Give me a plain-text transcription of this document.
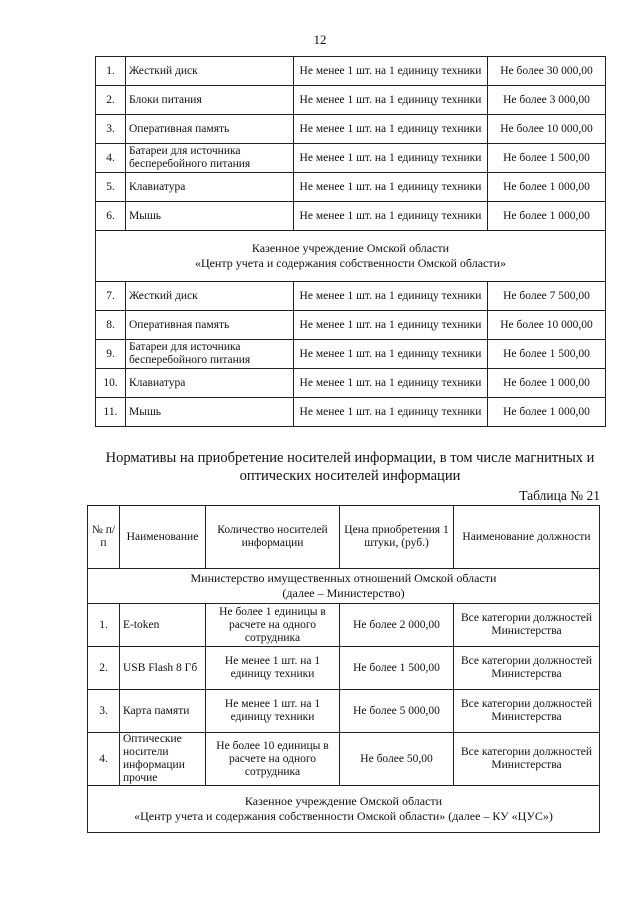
12
1.	Жесткий диск	Не менее 1 шт. на 1 единицу техники	Не более 30 000,00
2.	Блоки питания	Не менее 1 шт. на 1 единицу техники	Не более 3 000,00
3.	Оперативная память	Не менее 1 шт. на 1 единицу техники	Не более 10 000,00
4.	Батареи для источника бесперебойного питания	Не менее 1 шт. на 1 единицу техники	Не более 1 500,00
5.	Клавиатура	Не менее 1 шт. на 1 единицу техники	Не более 1 000,00
6.	Мышь	Не менее 1 шт. на 1 единицу техники	Не более 1 000,00

Казенное учреждение Омской области
«Центр учета и содержания собственности Омской области»			

7.	Жесткий диск	Не менее 1 шт. на 1 единицу техники	Не более 7 500,00
8.	Оперативная память	Не менее 1 шт. на 1 единицу техники	Не более 10 000,00
9.	Батареи для источника бесперебойного питания	Не менее 1 шт. на 1 единицу техники	Не более 1 500,00
10.	Клавиатура	Не менее 1 шт. на 1 единицу техники	Не более 1 000,00
11.	Мышь	Не менее 1 шт. на 1 единицу техники	Не более 1 000,00
Нормативы на приобретение носителей информации, в том числе магнитных и оптических носителей информации
Таблица № 21
№ п/п	Наименование	Количество носителей информации	Цена приобретения 1 штуки, (руб.)	Наименование должности

Министерство имущественных отношений Омской области
(далее – Министерство)				

1.	E-token	Не более 1 единицы в расчете на одного сотрудника	Не более 2 000,00	Все категории должностей Министерства
2.	USB Flash 8 Гб	Не менее 1 шт. на 1 единицу техники	Не более 1 500,00	Все категории должностей Министерства
3.	Карта памяти	Не менее 1 шт. на 1 единицу техники	Не более 5 000,00	Все категории должностей Министерства
4.	Оптические носители информации прочие	Не более 10 единицы в расчете на одного сотрудника	Не более 50,00	Все категории должностей Министерства

Казенное учреждение Омской области
«Центр учета и содержания собственности Омской области» (далее – КУ «ЦУС»)				
